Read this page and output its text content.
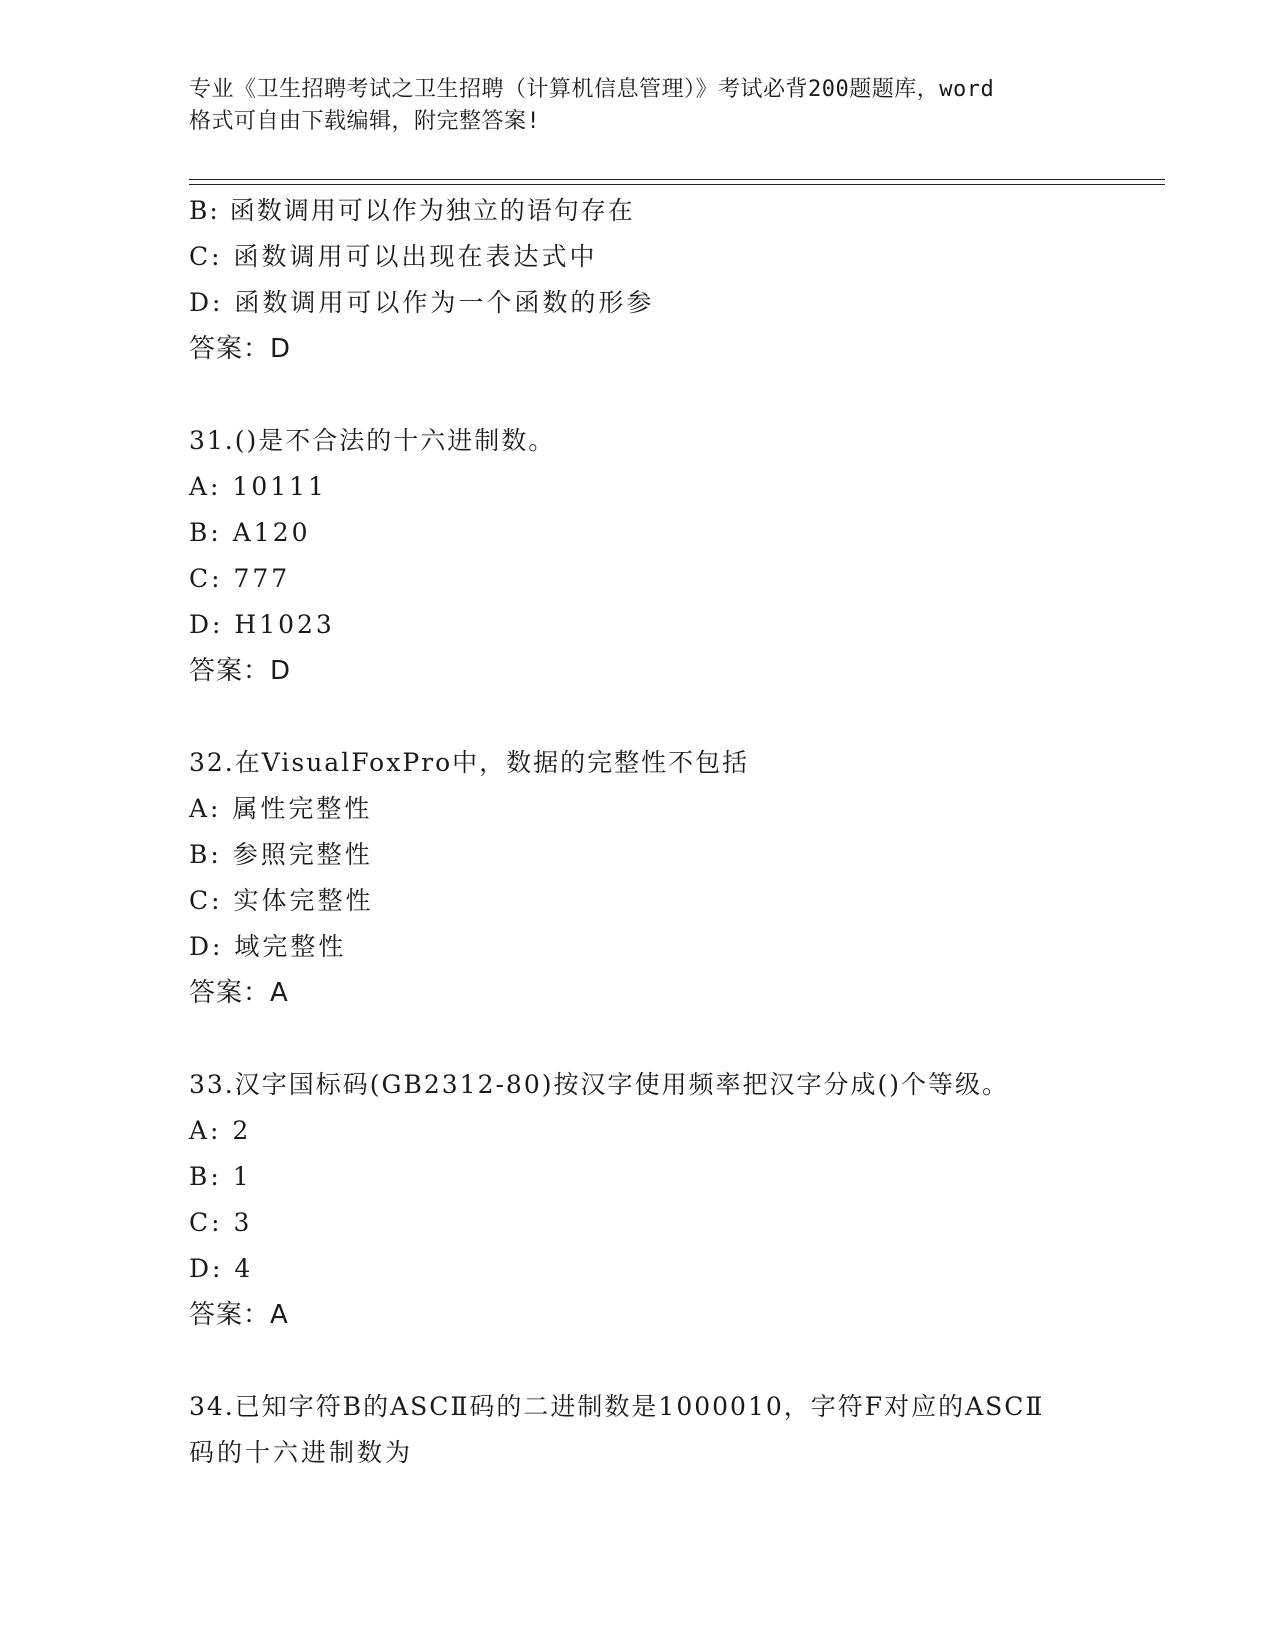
专业《卫生招聘考试之卫生招聘（计算机信息管理）》考试必背200题题库，word
格式可自由下载编辑，附完整答案!
B: 函数调用可以作为独立的语句存在
C: 函数调用可以出现在表达式中
D: 函数调用可以作为一个函数的形参
答案：D
31.()是不合法的十六进制数。
A: 10111
B: A120
C: 777
D: H1023
答案：D
32.在VisualFoxPro中，数据的完整性不包括
A: 属性完整性
B: 参照完整性
C: 实体完整性
D: 域完整性
答案：A
33.汉字国标码(GB2312-80)按汉字使用频率把汉字分成()个等级。
A: 2
B: 1
C: 3
D: 4
答案：A
34.已知字符B的ASCⅡ码的二进制数是1000010，字符F对应的ASCⅡ
码的十六进制数为
